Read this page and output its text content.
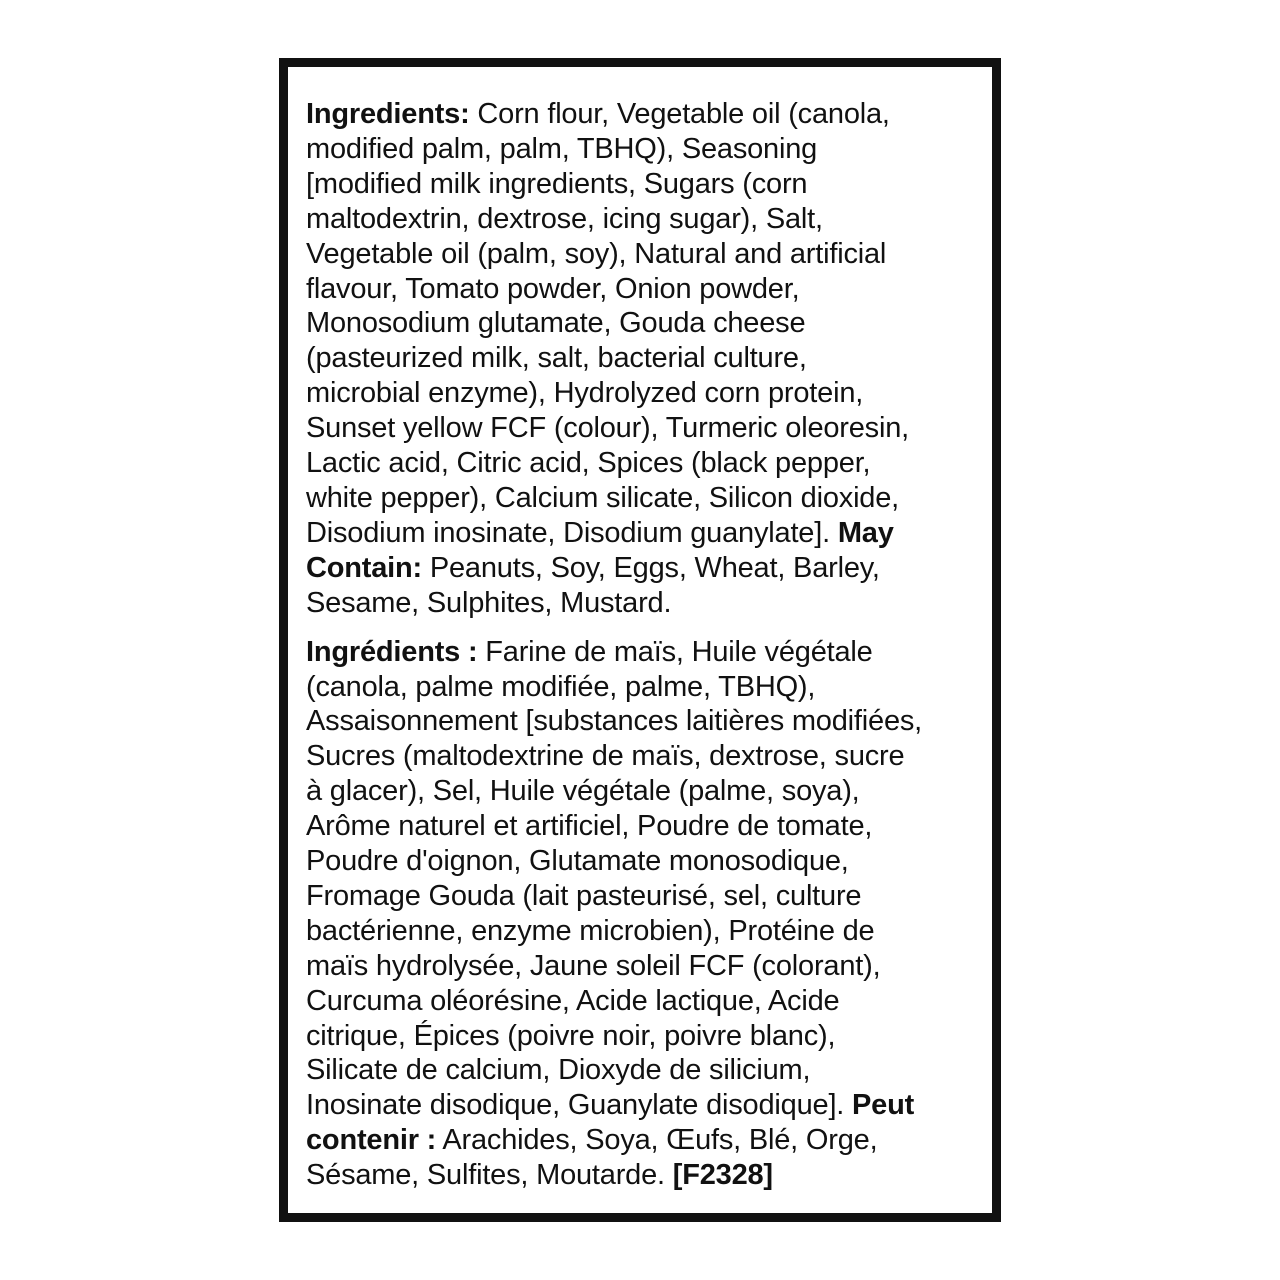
Ingredients: Corn flour, Vegetable oil (canola,
modified palm, palm, TBHQ), Seasoning
[modified milk ingredients, Sugars (corn
maltodextrin, dextrose, icing sugar), Salt,
Vegetable oil (palm, soy), Natural and artificial
flavour, Tomato powder, Onion powder,
Monosodium glutamate, Gouda cheese
(pasteurized milk, salt, bacterial culture,
microbial enzyme), Hydrolyzed corn protein,
Sunset yellow FCF (colour), Turmeric oleoresin,
Lactic acid, Citric acid, Spices (black pepper,
white pepper), Calcium silicate, Silicon dioxide,
Disodium inosinate, Disodium guanylate]. May
Contain: Peanuts, Soy, Eggs, Wheat, Barley,
Sesame, Sulphites, Mustard.

Ingrédients : Farine de maïs, Huile végétale
(canola, palme modifiée, palme, TBHQ),
Assaisonnement [substances laitières modifiées,
Sucres (maltodextrine de maïs, dextrose, sucre
à glacer), Sel, Huile végétale (palme, soya),
Arôme naturel et artificiel, Poudre de tomate,
Poudre d'oignon, Glutamate monosodique,
Fromage Gouda (lait pasteurisé, sel, culture
bactérienne, enzyme microbien), Protéine de
maïs hydrolysée, Jaune soleil FCF (colorant),
Curcuma oléorésine, Acide lactique, Acide
citrique, Épices (poivre noir, poivre blanc),
Silicate de calcium, Dioxyde de silicium,
Inosinate disodique, Guanylate disodique]. Peut
contenir : Arachides, Soya, Œufs, Blé, Orge,
Sésame, Sulfites, Moutarde. [F2328]
